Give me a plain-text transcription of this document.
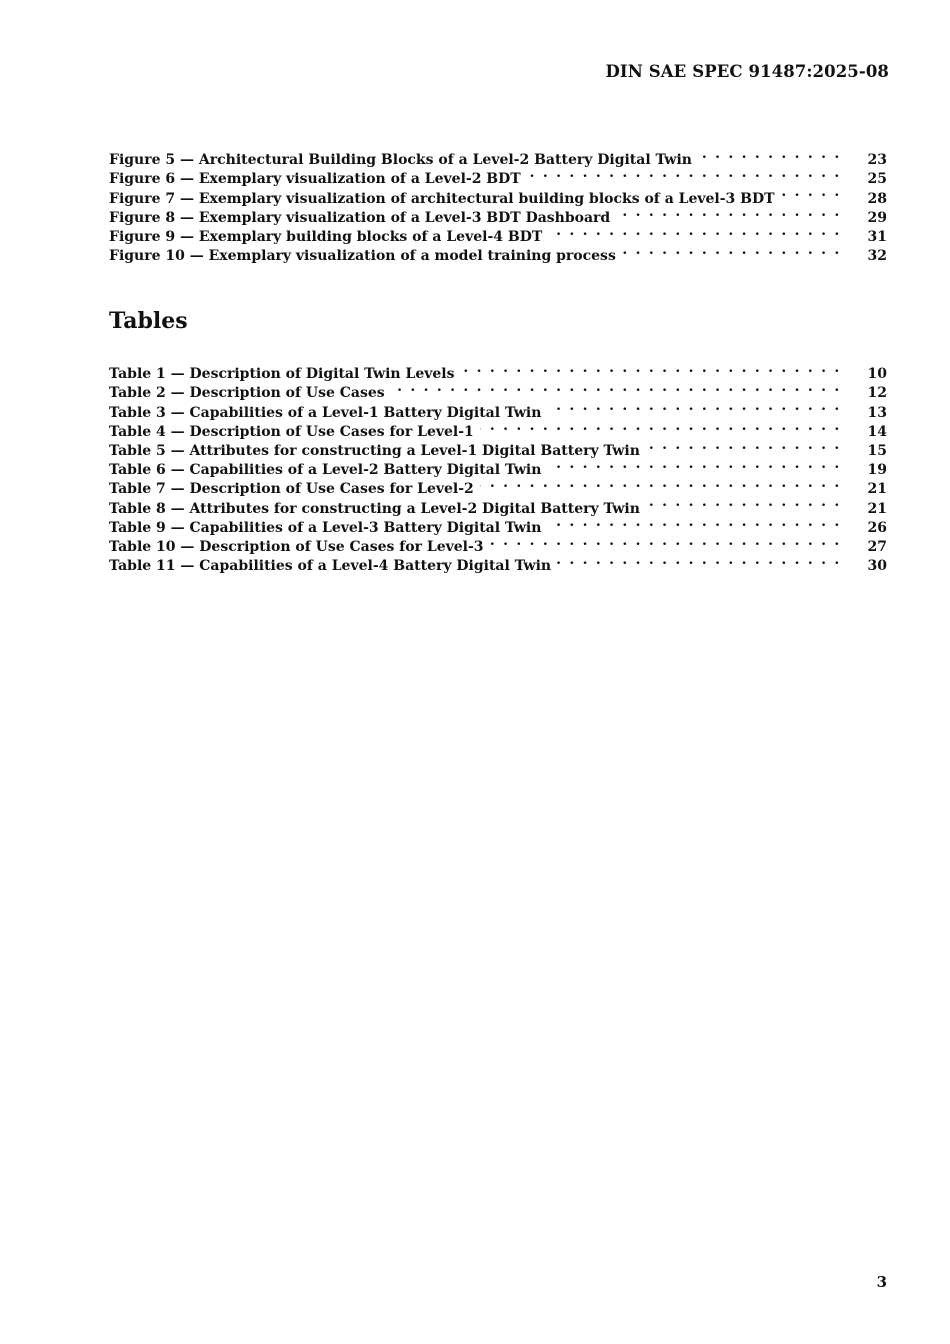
DIN SAE SPEC 91487:2025-08
Figure 5 — Architectural Building Blocks of a Level-2 Battery Digital Twin . . .	23
Figure 6 — Exemplary visualization of a Level-2 BDT . . .	25
Figure 7 — Exemplary visualization of architectural building blocks of a Level-3 BDT . . .	28
Figure 8 — Exemplary visualization of a Level-3 BDT Dashboard . . .	29
Figure 9 — Exemplary building blocks of a Level-4 BDT . . .	31
Figure 10 — Exemplary visualization of a model training process . . .	32
Tables
Table 1 — Description of Digital Twin Levels . . .	10
Table 2 — Description of Use Cases . . .	12
Table 3 — Capabilities of a Level-1 Battery Digital Twin . . .	13
Table 4 — Description of Use Cases for Level-1 . . .	14
Table 5 — Attributes for constructing a Level-1 Digital Battery Twin . . .	15
Table 6 — Capabilities of a Level-2 Battery Digital Twin . . .	19
Table 7 — Description of Use Cases for Level-2 . . .	21
Table 8 — Attributes for constructing a Level-2 Digital Battery Twin . . .	21
Table 9 — Capabilities of a Level-3 Battery Digital Twin . . .	26
Table 10 — Description of Use Cases for Level-3 . . .	27
Table 11 — Capabilities of a Level-4 Battery Digital Twin . . .	30
3
